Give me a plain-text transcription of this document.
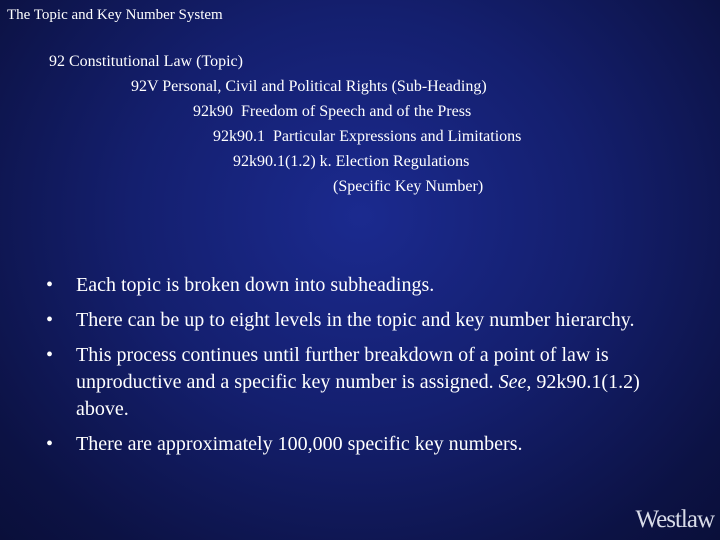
The Topic and Key Number System
92 Constitutional Law (Topic)
92V Personal, Civil and Political Rights (Sub-Heading)
92k90  Freedom of Speech and of the Press
92k90.1  Particular Expressions and Limitations
92k90.1(1.2) k. Election Regulations
(Specific Key Number)
• Each topic is broken down into subheadings.
• There can be up to eight levels in the topic and key number hierarchy.
• This process continues until further breakdown of a point of law is unproductive and a specific key number is assigned. See, 92k90.1(1.2) above.
• There are approximately 100,000 specific key numbers.
Westlaw
